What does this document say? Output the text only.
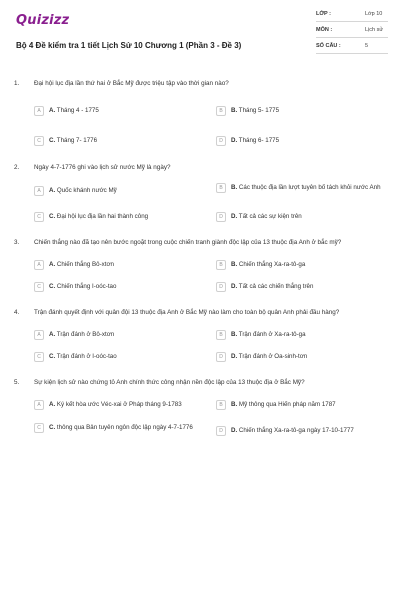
Quizizz
Bộ 4 Đề kiểm tra 1 tiết Lịch Sử 10 Chương 1 (Phần 3 - Đề 3)
LỚP :	Lớp 10
MÔN :	Lịch sử
SỐ CÂU :	5
1. Đại hội lục địa lần thứ hai ở Bắc Mỹ được triệu tập vào thời gian nào?
A	A. Tháng 4 - 1775	B	B. Tháng 5- 1775
C	C. Tháng 7- 1776	D	D. Tháng 6- 1775
2. Ngày 4-7-1776 ghi vào lịch sử nước Mỹ là ngày?
A	A. Quốc khánh nước Mỹ	B	B. Các thuộc địa lần lượt tuyên bố tách khỏi nước Anh
C	C. Đại hội lục địa lần hai thành công	D	D. Tất cả các sự kiện trên
3. Chiến thắng nào đã tạo nên bước ngoặt trong cuộc chiến tranh giành độc lập của 13 thuộc địa Anh ở bắc mỹ?
A	A. Chiến thắng Bô-xtơn	B	B. Chiến thắng Xa-ra-tô-ga
C	C. Chiến thắng I-oóc-tao	D	D. Tất cả các chiến thắng trên
4. Trận đánh quyết định với quân đội 13 thuộc địa Anh ở Bắc Mỹ nào làm cho toàn bộ quân Anh phải đầu hàng?
A	A. Trận đánh ở Bô-xtơn	B	B. Trận đánh ở Xa-ra-tô-ga
C	C. Trận đánh ở I-oóc-tao	D	D. Trận đánh ở Oa-sinh-tơn
5. Sự kiện lịch sử nào chứng tỏ Anh chính thức công nhận nền độc lập của 13 thuộc địa ở Bắc Mỹ?
A	A. Ký kết hòa ước Véc-xai ở Pháp tháng 9-1783	B	B. Mỹ thông qua Hiến pháp năm 1787
C	C. thông qua Bản tuyên ngôn độc lập ngày 4-7-1776	D	D. Chiến thắng Xa-ra-tô-ga ngày 17-10-1777
